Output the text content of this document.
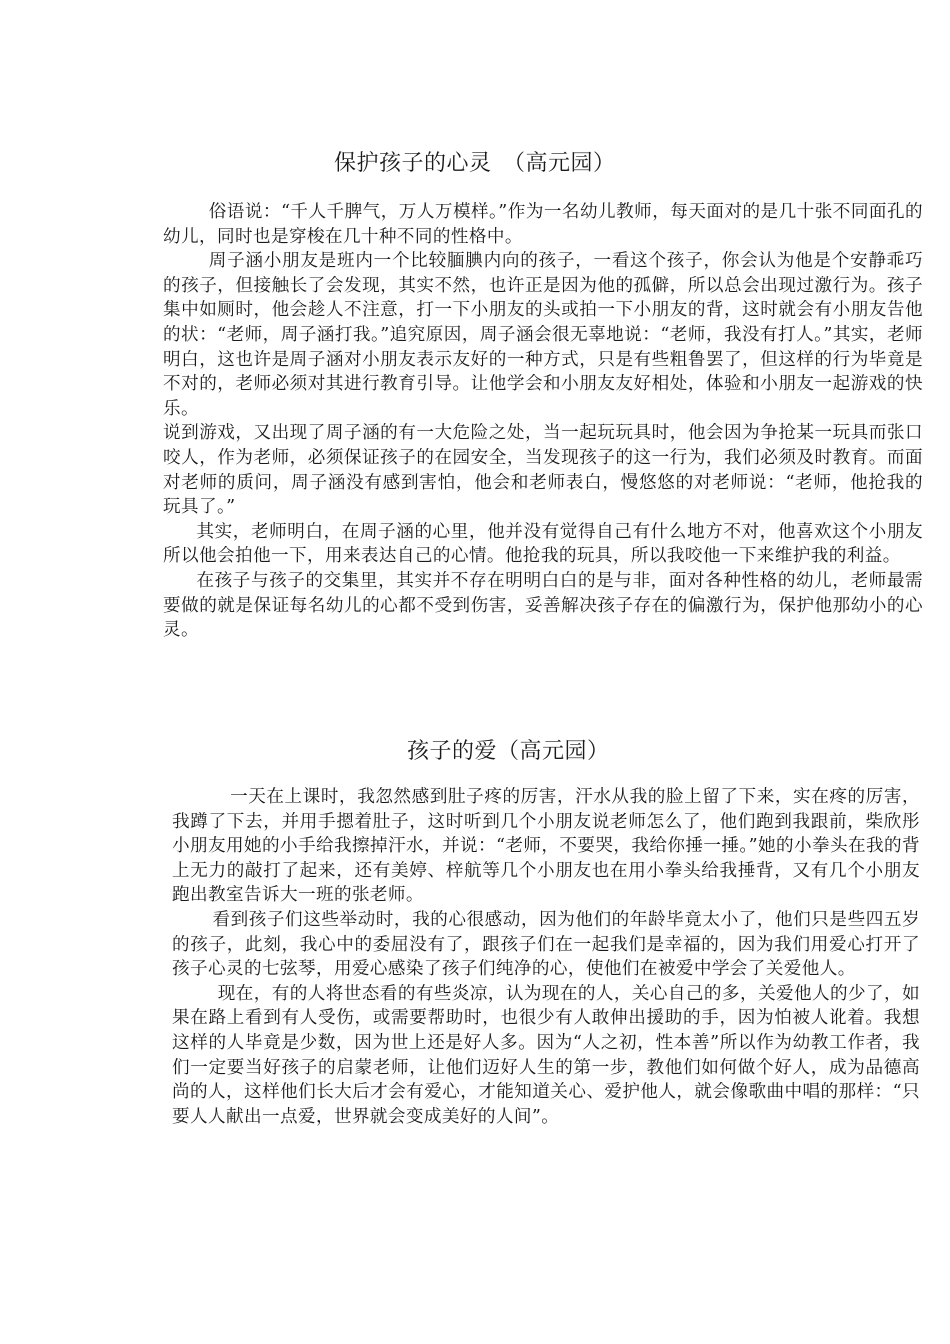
保护孩子的心灵　（高元园）

俗语说：“千人千脾气，万人万模样。”作为一名幼儿教师，每天面对的是几十张不同面孔的幼儿，同时也是穿梭在几十种不同的性格中。

周子涵小朋友是班内一个比较腼腆内向的孩子，一看这个孩子，你会认为他是个安静乖巧的孩子，但接触长了会发现，其实不然，也许正是因为他的孤僻，所以总会出现过激行为。孩子集中如厕时，他会趁人不注意，打一下小朋友的头或拍一下小朋友的背，这时就会有小朋友告他的状：“老师，周子涵打我。”追究原因，周子涵会很无辜地说：“老师，我没有打人。”其实，老师明白，这也许是周子涵对小朋友表示友好的一种方式，只是有些粗鲁罢了，但这样的行为毕竟是不对的，老师必须对其进行教育引导。让他学会和小朋友友好相处，体验和小朋友一起游戏的快乐。

说到游戏，又出现了周子涵的有一大危险之处，当一起玩玩具时，他会因为争抢某一玩具而张口咬人，作为老师，必须保证孩子的在园安全，当发现孩子的这一行为，我们必须及时教育。而面对老师的质问，周子涵没有感到害怕，他会和老师表白，慢悠悠的对老师说：“老师，他抢我的玩具了。”

其实，老师明白，在周子涵的心里，他并没有觉得自己有什么地方不对，他喜欢这个小朋友所以他会拍他一下，用来表达自己的心情。他抢我的玩具，所以我咬他一下来维护我的利益。

在孩子与孩子的交集里，其实并不存在明明白白的是与非，面对各种性格的幼儿，老师最需要做的就是保证每名幼儿的心都不受到伤害，妥善解决孩子存在的偏激行为，保护他那幼小的心灵。

孩子的爱（高元园）

一天在上课时，我忽然感到肚子疼的厉害，汗水从我的脸上留了下来，实在疼的厉害，我蹲了下去，并用手摁着肚子，这时听到几个小朋友说老师怎么了，他们跑到我跟前，柴欣彤小朋友用她的小手给我擦掉汗水，并说：“老师，不要哭，我给你捶一捶。”她的小拳头在我的背上无力的敲打了起来，还有美婷、梓航等几个小朋友也在用小拳头给我捶背，又有几个小朋友跑出教室告诉大一班的张老师。

看到孩子们这些举动时，我的心很感动，因为他们的年龄毕竟太小了，他们只是些四五岁的孩子，此刻，我心中的委屈没有了，跟孩子们在一起我们是幸福的，因为我们用爱心打开了孩子心灵的七弦琴，用爱心感染了孩子们纯净的心，使他们在被爱中学会了关爱他人。

现在，有的人将世态看的有些炎凉，认为现在的人，关心自己的多，关爱他人的少了，如果在路上看到有人受伤，或需要帮助时，也很少有人敢伸出援助的手，因为怕被人讹着。我想这样的人毕竟是少数，因为世上还是好人多。因为“人之初，性本善”所以作为幼教工作者，我们一定要当好孩子的启蒙老师，让他们迈好人生的第一步，教他们如何做个好人，成为品德高尚的人，这样他们长大后才会有爱心，才能知道关心、爱护他人，就会像歌曲中唱的那样：“只要人人献出一点爱，世界就会变成美好的人间”。
